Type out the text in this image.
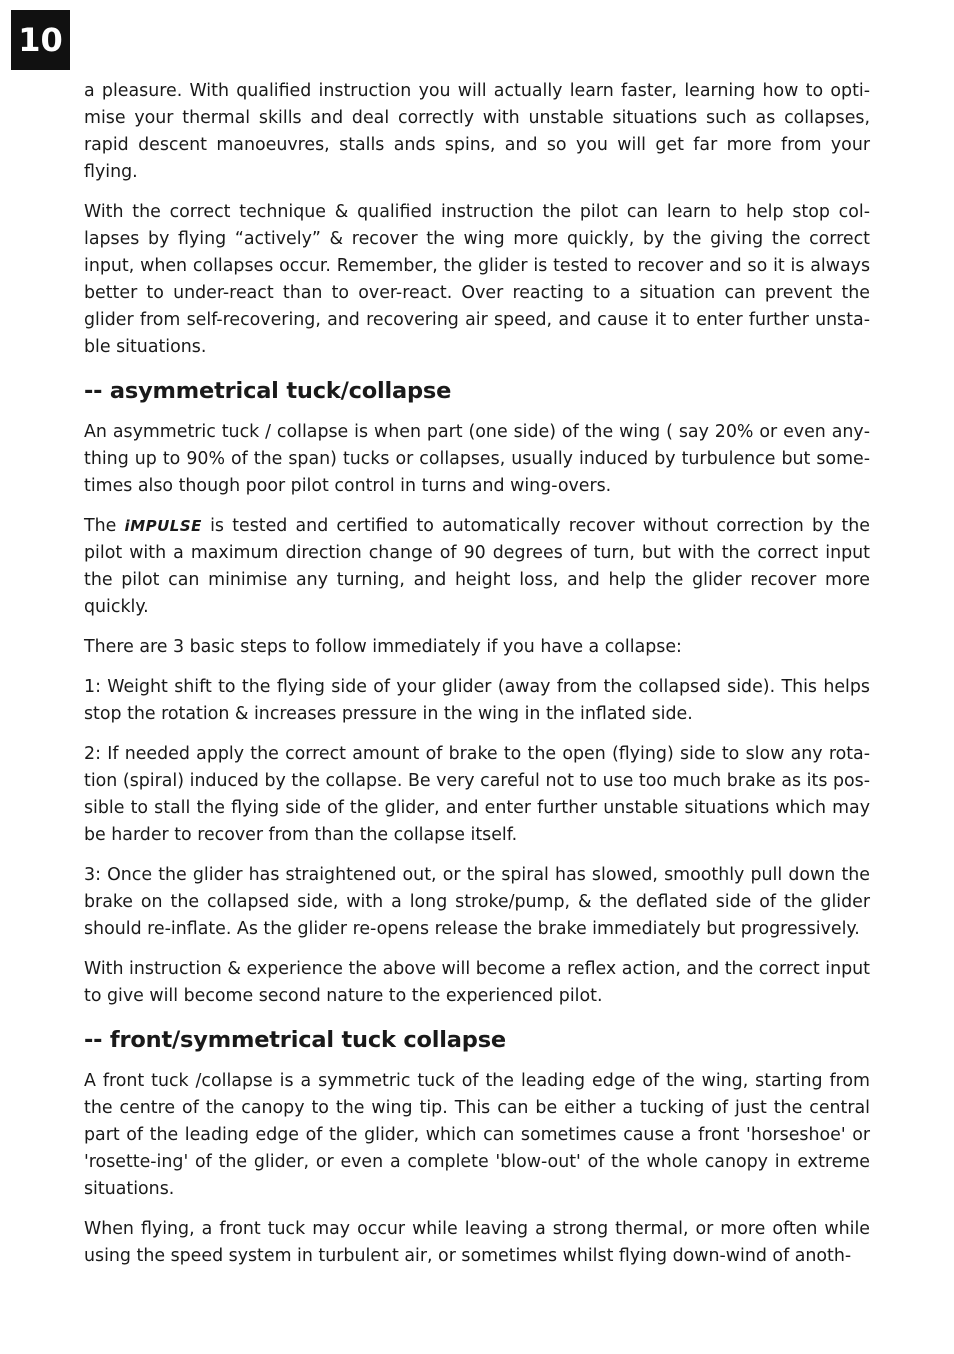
10

a pleasure. With qualified instruction you will actually learn faster, learning how to optimise your thermal skills and deal correctly with unstable situations such as collapses, rapid descent manoeuvres, stalls ands spins, and so you will get far more from your flying.

With the correct technique & qualified instruction the pilot can learn to help stop collapses by flying “actively” & recover the wing more quickly, by the giving the correct input, when collapses occur. Remember, the glider is tested to recover and so it is always better to under-react than to over-react. Over reacting to a situation can prevent the glider from self-recovering, and recovering air speed, and cause it to enter further unstable situations.

-- asymmetrical tuck/collapse

An asymmetric tuck / collapse is when part (one side) of the wing ( say 20% or even anything up to 90% of the span) tucks or collapses, usually induced by turbulence but sometimes also though poor pilot control in turns and wing-overs.

The iMPULSE is tested and certified to automatically recover without correction by the pilot with a maximum direction change of 90 degrees of turn, but with the correct input the pilot can minimise any turning, and height loss, and help the glider recover more quickly.

There are 3 basic steps to follow immediately if you have a collapse:

1: Weight shift to the flying side of your glider (away from the collapsed side). This helps stop the rotation & increases pressure in the wing in the inflated side.

2: If needed apply the correct amount of brake to the open (flying) side to slow any rotation (spiral) induced by the collapse. Be very careful not to use too much brake as its possible to stall the flying side of the glider, and enter further unstable situations which may be harder to recover from than the collapse itself.

3: Once the glider has straightened out, or the spiral has slowed, smoothly pull down the brake on the collapsed side, with a long stroke/pump, & the deflated side of the glider should re-inflate. As the glider re-opens release the brake immediately but progressively.

With instruction & experience the above will become a reflex action, and the correct input to give will become second nature to the experienced pilot.

-- front/symmetrical tuck collapse

A front tuck /collapse is a symmetric tuck of the leading edge of the wing, starting from the centre of the canopy to the wing tip. This can be either a tucking of just the central part of the leading edge of the glider, which can sometimes cause a front 'horseshoe' or 'rosette-ing' of the glider, or even a complete 'blow-out' of the whole canopy in extreme situations.

When flying, a front tuck may occur while leaving a strong thermal, or more often while using the speed system in turbulent air, or sometimes whilst flying down-wind of anoth-
